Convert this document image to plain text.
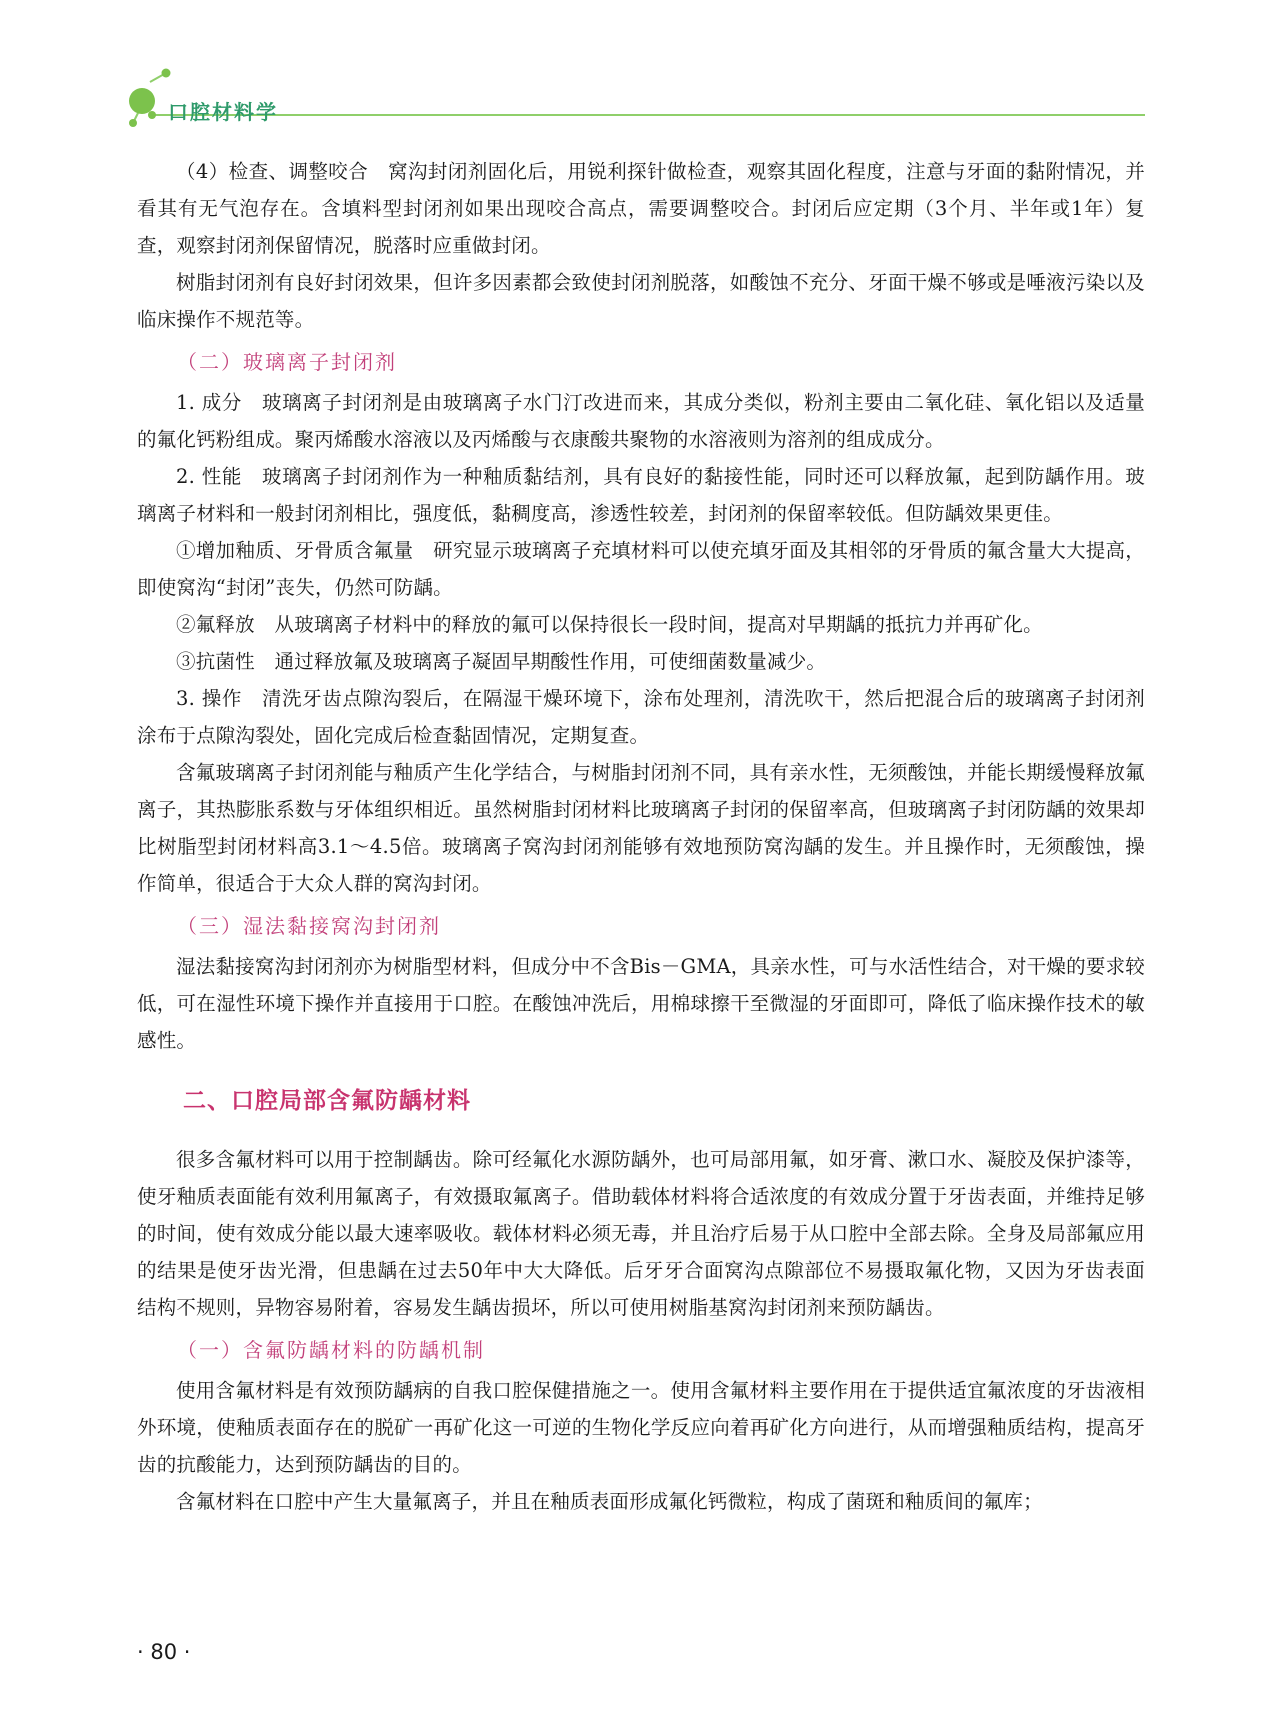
口腔材料学

（4）检查、调整咬合　窝沟封闭剂固化后，用锐利探针做检查，观察其固化程度，注意与牙面的黏附情况，并看其有无气泡存在。含填料型封闭剂如果出现咬合高点，需要调整咬合。封闭后应定期（3个月、半年或1年）复查，观察封闭剂保留情况，脱落时应重做封闭。

树脂封闭剂有良好封闭效果，但许多因素都会致使封闭剂脱落，如酸蚀不充分、牙面干燥不够或是唾液污染以及临床操作不规范等。

（二）玻璃离子封闭剂

1. 成分　玻璃离子封闭剂是由玻璃离子水门汀改进而来，其成分类似，粉剂主要由二氧化硅、氧化铝以及适量的氟化钙粉组成。聚丙烯酸水溶液以及丙烯酸与衣康酸共聚物的水溶液则为溶剂的组成成分。

2. 性能　玻璃离子封闭剂作为一种釉质黏结剂，具有良好的黏接性能，同时还可以释放氟，起到防龋作用。玻璃离子材料和一般封闭剂相比，强度低，黏稠度高，渗透性较差，封闭剂的保留率较低。但防龋效果更佳。

①增加釉质、牙骨质含氟量　研究显示玻璃离子充填材料可以使充填牙面及其相邻的牙骨质的氟含量大大提高，即使窝沟“封闭”丧失，仍然可防龋。

②氟释放　从玻璃离子材料中的释放的氟可以保持很长一段时间，提高对早期龋的抵抗力并再矿化。

③抗菌性　通过释放氟及玻璃离子凝固早期酸性作用，可使细菌数量减少。

3. 操作　清洗牙齿点隙沟裂后，在隔湿干燥环境下，涂布处理剂，清洗吹干，然后把混合后的玻璃离子封闭剂涂布于点隙沟裂处，固化完成后检查黏固情况，定期复查。

含氟玻璃离子封闭剂能与釉质产生化学结合，与树脂封闭剂不同，具有亲水性，无须酸蚀，并能长期缓慢释放氟离子，其热膨胀系数与牙体组织相近。虽然树脂封闭材料比玻璃离子封闭的保留率高，但玻璃离子封闭防龋的效果却比树脂型封闭材料高3.1～4.5倍。玻璃离子窝沟封闭剂能够有效地预防窝沟龋的发生。并且操作时，无须酸蚀，操作简单，很适合于大众人群的窝沟封闭。

（三）湿法黏接窝沟封闭剂

湿法黏接窝沟封闭剂亦为树脂型材料，但成分中不含Bis－GMA，具亲水性，可与水活性结合，对干燥的要求较低，可在湿性环境下操作并直接用于口腔。在酸蚀冲洗后，用棉球擦干至微湿的牙面即可，降低了临床操作技术的敏感性。

二、口腔局部含氟防龋材料

很多含氟材料可以用于控制龋齿。除可经氟化水源防龋外，也可局部用氟，如牙膏、漱口水、凝胶及保护漆等，使牙釉质表面能有效利用氟离子，有效摄取氟离子。借助载体材料将合适浓度的有效成分置于牙齿表面，并维持足够的时间，使有效成分能以最大速率吸收。载体材料必须无毒，并且治疗后易于从口腔中全部去除。全身及局部氟应用的结果是使牙齿光滑，但患龋在过去50年中大大降低。后牙牙合面窝沟点隙部位不易摄取氟化物，又因为牙齿表面结构不规则，异物容易附着，容易发生龋齿损坏，所以可使用树脂基窝沟封闭剂来预防龋齿。

（一）含氟防龋材料的防龋机制

使用含氟材料是有效预防龋病的自我口腔保健措施之一。使用含氟材料主要作用在于提供适宜氟浓度的牙齿液相外环境，使釉质表面存在的脱矿一再矿化这一可逆的生物化学反应向着再矿化方向进行，从而增强釉质结构，提高牙齿的抗酸能力，达到预防龋齿的目的。

含氟材料在口腔中产生大量氟离子，并且在釉质表面形成氟化钙微粒，构成了菌斑和釉质间的氟库；

· 80 ·
